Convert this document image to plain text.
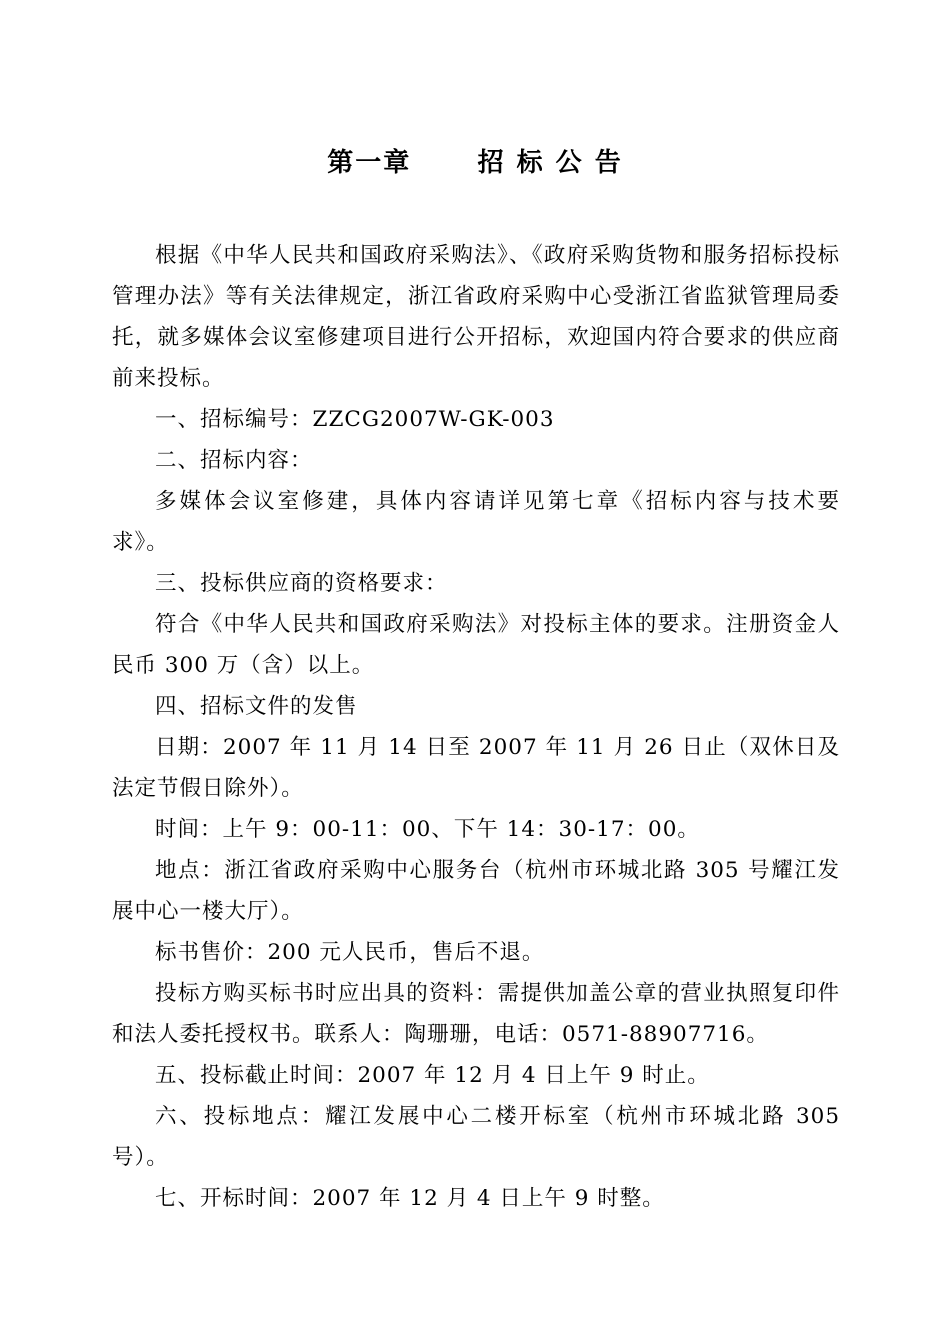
第一章      招 标 公 告

根据《中华人民共和国政府采购法》、《政府采购货物和服务招标投标管理办法》等有关法律规定，浙江省政府采购中心受浙江省监狱管理局委托，就多媒体会议室修建项目进行公开招标，欢迎国内符合要求的供应商前来投标。

一、招标编号：ZZCG2007W-GK-003

二、招标内容：

多媒体会议室修建，具体内容请详见第七章《招标内容与技术要求》。

三、投标供应商的资格要求：

符合《中华人民共和国政府采购法》对投标主体的要求。注册资金人民币 300 万（含）以上。

四、招标文件的发售

日期：2007 年 11 月 14 日至 2007 年 11 月 26 日止（双休日及法定节假日除外）。

时间：上午 9：00-11：00、下午 14：30-17：00。

地点：浙江省政府采购中心服务台（杭州市环城北路 305 号耀江发展中心一楼大厅）。

标书售价：200 元人民币，售后不退。

投标方购买标书时应出具的资料：需提供加盖公章的营业执照复印件和法人委托授权书。联系人：陶珊珊，电话：0571-88907716。

五、投标截止时间：2007 年 12 月 4 日上午 9 时止。

六、投标地点：耀江发展中心二楼开标室（杭州市环城北路 305 号）。

七、开标时间：2007 年 12 月 4 日上午 9 时整。
